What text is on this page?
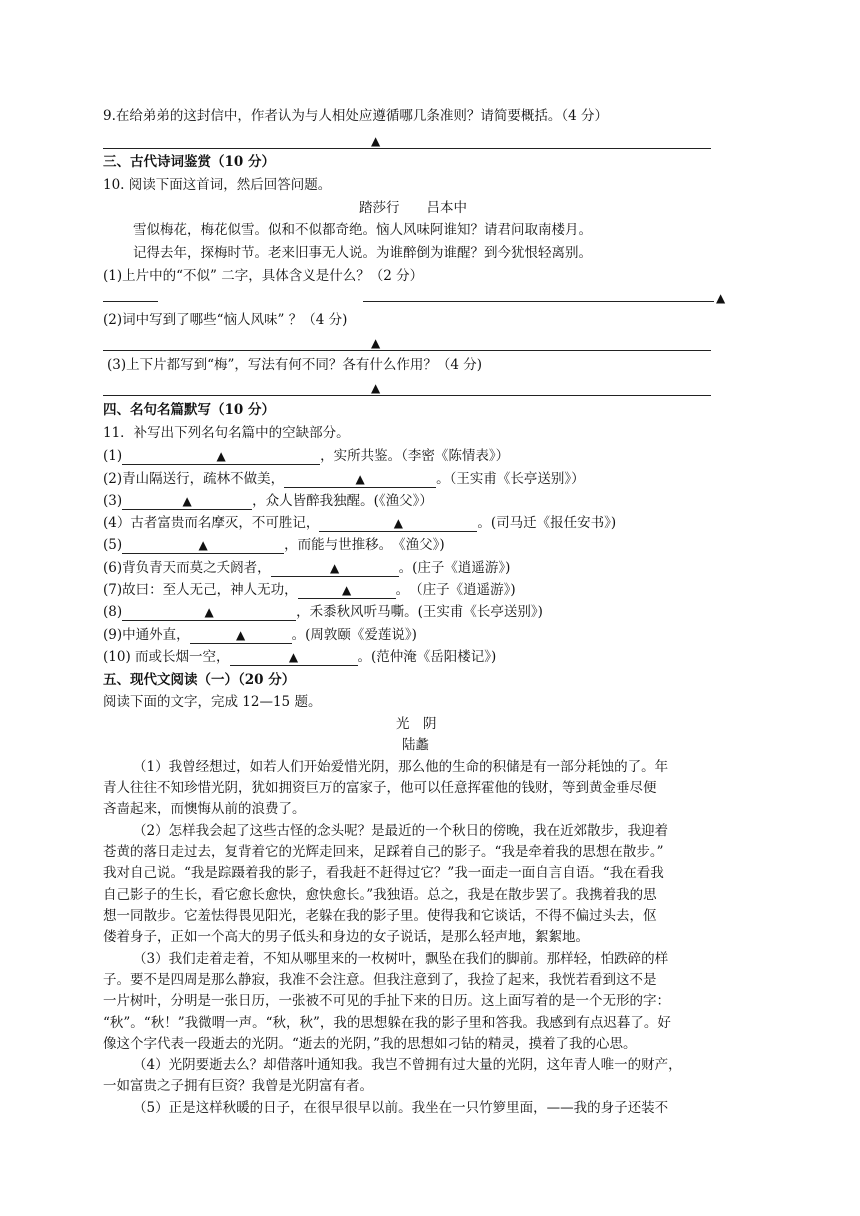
9.在给弟弟的这封信中，作者认为与人相处应遵循哪几条准则？请简要概括。（4 分）
▲
三、古代诗词鉴赏（10 分）
10. 阅读下面这首词，然后回答问题。
踏莎行　　吕本中
雪似梅花，梅花似雪。似和不似都奇绝。恼人风味阿谁知？请君问取南楼月。
记得去年，探梅时节。老来旧事无人说。为谁醉倒为谁醒？到今犹恨轻离别。
(1)上片中的“不似” 二字，具体含义是什么？（2 分）
▲
(2)词中写到了哪些“恼人风味” ？（4 分)
▲
(3)上下片都写到“梅”，写法有何不同？各有什么作用？（4 分)
▲
四、名句名篇默写（10 分）
11．补写出下列名句名篇中的空缺部分。
(1)	▲	，实所共鉴。（李密《陈情表》）
(2)青山隔送行，疏林不做美，	▲	。（王实甫《长亭送别》）
(3)	▲	，众人皆醉我独醒。(《渔父》）
(4）古者富贵而名摩灭，不可胜记，	▲	。(司马迁《报任安书》)
(5)	▲	，而能与世推移。　《渔父》)
(6)背负青天而莫之夭阏者，	▲	。(庄子《逍遥游》)
(7)故曰：至人无己，神人无功，	▲	。　（庄子《逍遥游》)
(8)	▲	，禾黍秋风听马嘶。(王实甫《长亭送别》)
(9)中通外直，	▲	。(周敦颐《爱莲说》)
(10) 而或长烟一空，	▲	。(范仲淹《岳阳楼记》)
五、现代文阅读（一）（20 分）
阅读下面的文字，完成 12—15 题。
光　阴
陆蠡
（1）我曾经想过，如若人们开始爱惜光阴，那么他的生命的积储是有一部分耗蚀的了。年
青人往往不知珍惜光阴，犹如拥资巨万的富家子，他可以任意挥霍他的钱财，等到黄金垂尽便
吝啬起来，而懊悔从前的浪费了。
（2）怎样我会起了这些古怪的念头呢？是最近的一个秋日的傍晚，我在近郊散步，我迎着
苍黄的落日走过去，复背着它的光辉走回来，足踩着自己的影子。“我是牵着我的思想在散步。”
我对自己说。“我是踪蹑着我的影子，看我赶不赶得过它？”我一面走一面自言自语。“我在看我
自己影子的生长，看它愈长愈快，愈快愈长。”我独语。总之，我是在散步罢了。我携着我的思
想一同散步。它羞怯得畏见阳光，老躲在我的影子里。使得我和它谈话，不得不偏过头去，伛
偻着身子，正如一个高大的男子低头和身边的女子说话，是那么轻声地，絮絮地。
（3）我们走着走着，不知从哪里来的一枚树叶，飘坠在我们的脚前。那样轻，怕跌碎的样
子。要不是四周是那么静寂，我准不会注意。但我注意到了，我捡了起来，我恍若看到这不是
一片树叶，分明是一张日历，一张被不可见的手扯下来的日历。这上面写着的是一个无形的字：
“秋”。“秋！”我微喟一声。“秋，秋”，我的思想躲在我的影子里和答我。我感到有点迟暮了。好
像这个字代表一段逝去的光阴。“逝去的光阴，”我的思想如刁钻的精灵，摸着了我的心思。
（4）光阴要逝去么？却借落叶通知我。我岂不曾拥有过大量的光阴，这年青人唯一的财产，
一如富贵之子拥有巨资？我曾是光阴富有者。
（5）正是这样秋暖的日子，在很早很早以前。我坐在一只竹箩里面，——我的身子还装不
